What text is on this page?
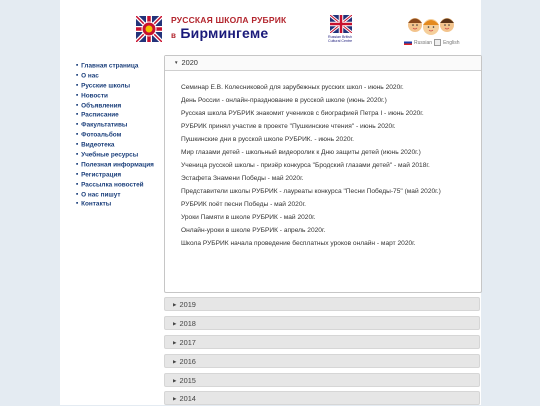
РУССКАЯ ШКОЛА РУБРИК
в Бирмингеме	Russian British Cultural Centre	Russian English
■ Главная страница
■ О нас
■ Русские школы
■ Новости
■ Объявления
■ Расписание
■ Факультативы
■ Фотоальбом
■ Видеотека
■ Учебные ресурсы
■ Полезная информация
■ Регистрация
■ Рассылка новостей
■ О нас пишут
■ Контакты
▼ 2020
Семинар Е.В. Колесниковой для зарубежных русских школ - июнь 2020г.
День России - онлайн-празднование в русской школе (июнь 2020г.)
Русская школа РУБРИК знакомит учеников с биографией Петра I - июнь 2020г.
РУБРИК принял участие в проекте "Пушкинские чтения" - июнь 2020г.
Пушкинские дни в русской школе РУБРИК. - июнь 2020г.
Мир глазами детей - школьный видеоролик к Дню защиты детей (июнь 2020г.)
Ученица русской школы - призёр конкурса "Бродский глазами детей" - май 2018г.
Эстафета Знамени Победы - май 2020г.
Представители школы РУБРИК - лауреаты конкурса "Песни Победы-75" (май 2020г.)
РУБРИК поёт песни Победы - май 2020г.
Уроки Памяти в школе РУБРИК - май 2020г.
Онлайн-уроки в школе РУБРИК - апрель 2020г.
Школа РУБРИК начала проведение бесплатных уроков онлайн - март 2020г.
▶ 2019
▶ 2018
▶ 2017
▶ 2016
▶ 2015
▶ 2014
